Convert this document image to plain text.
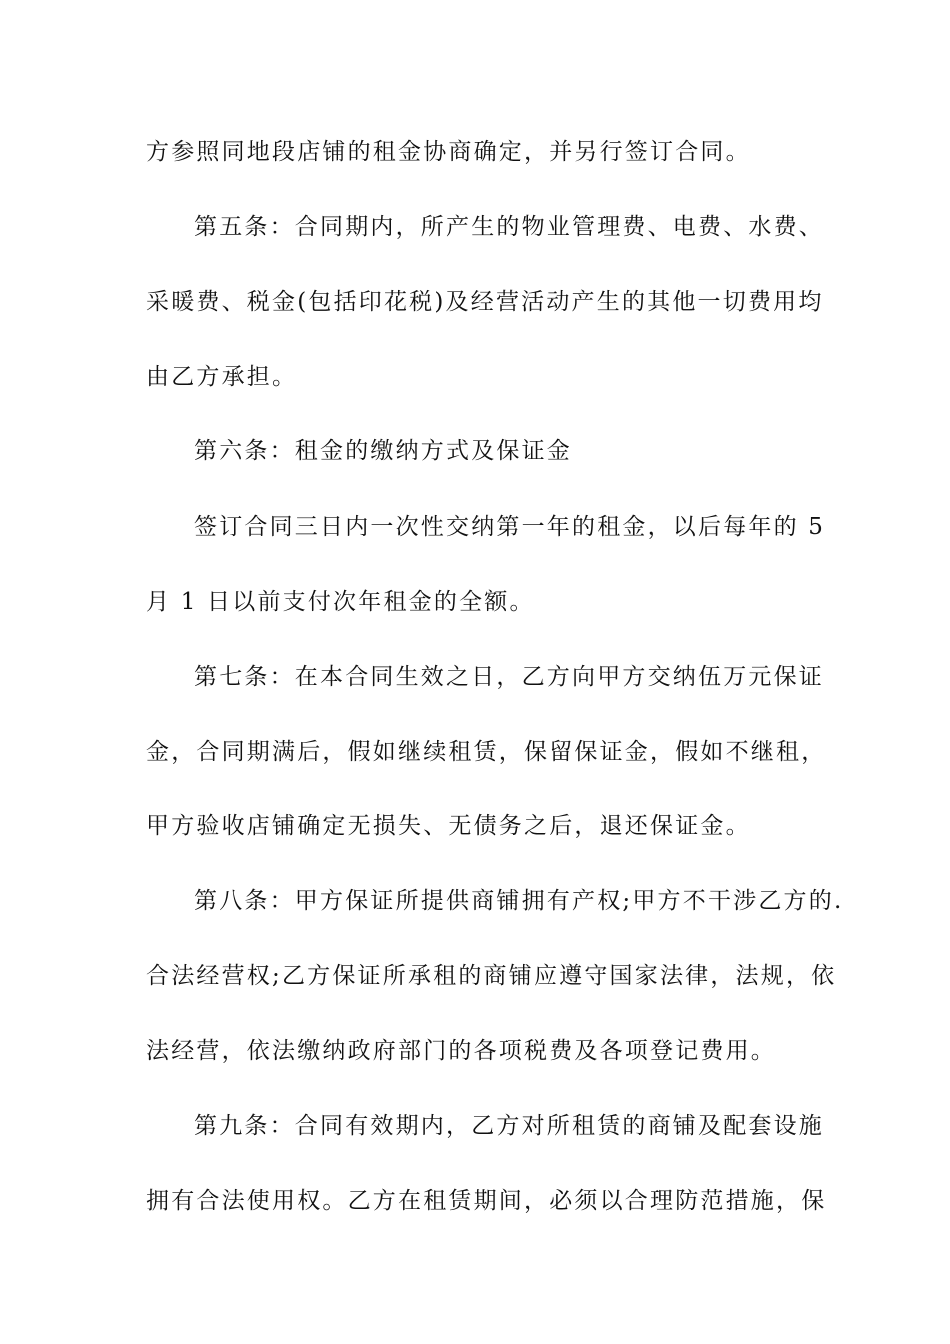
方参照同地段店铺的租金协商确定，并另行签订合同。
第五条：合同期内，所产生的物业管理费、电费、水费、
采暖费、税金(包括印花税)及经营活动产生的其他一切费用均
由乙方承担。
第六条：租金的缴纳方式及保证金
签订合同三日内一次性交纳第一年的租金，以后每年的 5
月 1 日以前支付次年租金的全额。
第七条：在本合同生效之日，乙方向甲方交纳伍万元保证
金，合同期满后，假如继续租赁，保留保证金，假如不继租，
甲方验收店铺确定无损失、无债务之后，退还保证金。
第八条：甲方保证所提供商铺拥有产权;甲方不干涉乙方的.
合法经营权;乙方保证所承租的商铺应遵守国家法律，法规，依
法经营，依法缴纳政府部门的各项税费及各项登记费用。
第九条：合同有效期内，乙方对所租赁的商铺及配套设施
拥有合法使用权。乙方在租赁期间，必须以合理防范措施，保
